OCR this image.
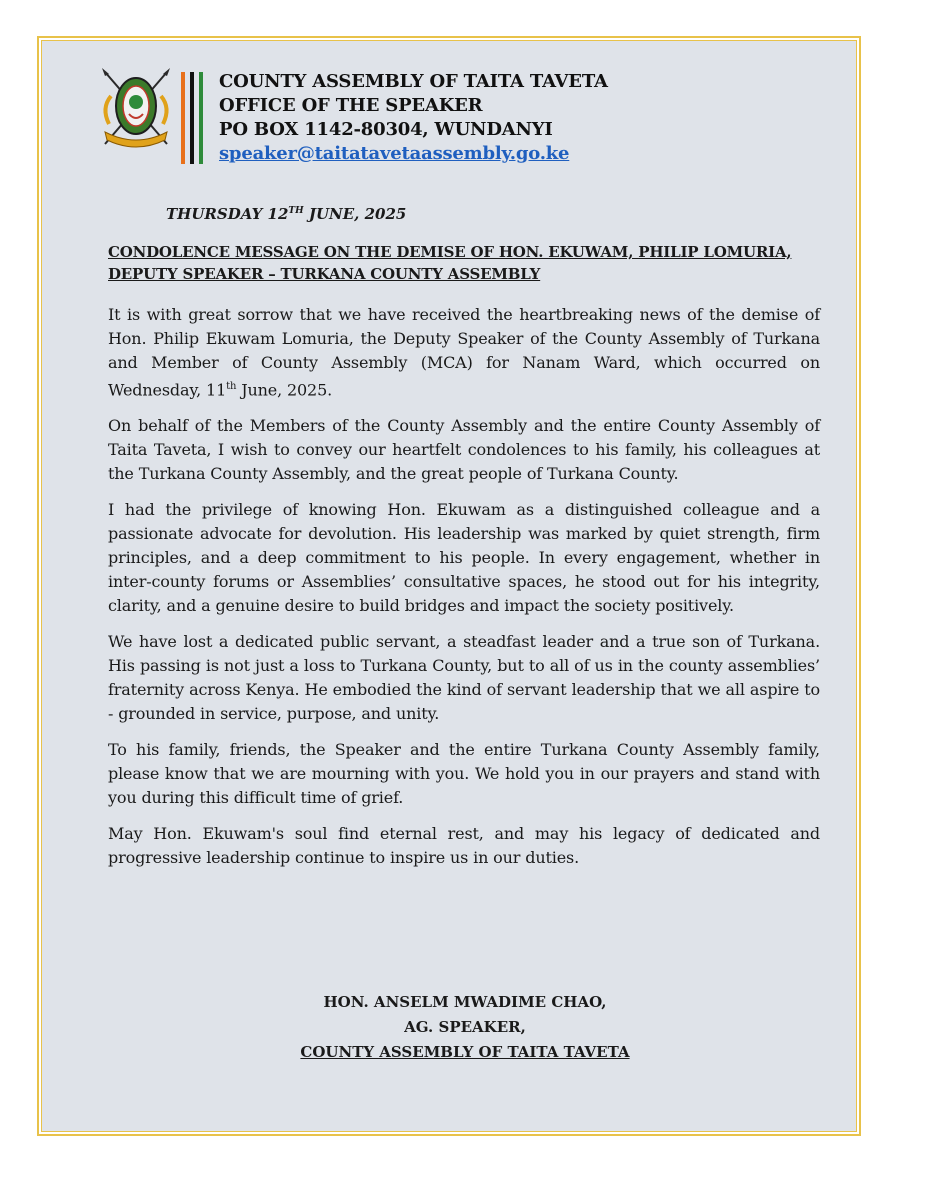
COUNTY ASSEMBLY OF TAITA TAVETA
OFFICE OF THE SPEAKER
PO BOX 1142-80304, WUNDANYI
speaker@taitatavetaassembly.go.ke
THURSDAY 12TH JUNE, 2025
CONDOLENCE MESSAGE ON THE DEMISE OF HON. EKUWAM, PHILIP LOMURIA,
DEPUTY SPEAKER – TURKANA COUNTY ASSEMBLY

It is with great sorrow that we have received the heartbreaking news of the demise of Hon. Philip Ekuwam Lomuria, the Deputy Speaker of the County Assembly of Turkana and Member of County Assembly (MCA) for Nanam Ward, which occurred on Wednesday, 11th June, 2025.

On behalf of the Members of the County Assembly and the entire County Assembly of Taita Taveta, I wish to convey our heartfelt condolences to his family, his colleagues at the Turkana County Assembly, and the great people of Turkana County.

I had the privilege of knowing Hon. Ekuwam as a distinguished colleague and a passionate advocate for devolution. His leadership was marked by quiet strength, firm principles, and a deep commitment to his people. In every engagement, whether in inter-county forums or Assemblies’ consultative spaces, he stood out for his integrity, clarity, and a genuine desire to build bridges and impact the society positively.

We have lost a dedicated public servant, a steadfast leader and a true son of Turkana. His passing is not just a loss to Turkana County, but to all of us in the county assemblies’ fraternity across Kenya. He embodied the kind of servant leadership that we all aspire to - grounded in service, purpose, and unity.

To his family, friends, the Speaker and the entire Turkana County Assembly family, please know that we are mourning with you. We hold you in our prayers and stand with you during this difficult time of grief.

May Hon. Ekuwam's soul find eternal rest, and may his legacy of dedicated and progressive leadership continue to inspire us in our duties.

HON. ANSELM MWADIME CHAO,
AG. SPEAKER,
COUNTY ASSEMBLY OF TAITA TAVETA
